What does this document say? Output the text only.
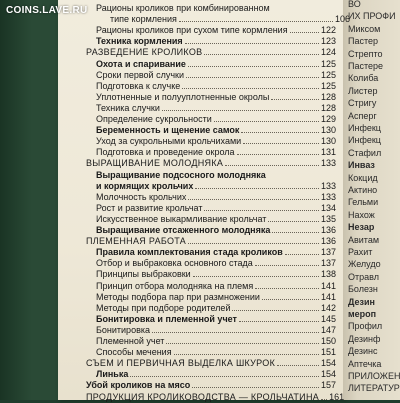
COINS.LAVE.RU Рационы кроликов при комбинированном
типе кормления	106
Рационы кроликов при сухом типе кормления	122
Техника кормления	123
РАЗВЕДЕНИЕ КРОЛИКОВ	124
Охота и спаривание	125
Сроки первой случки	125
Подготовка к случке	125
Уплотненные и полууплотненные окролы	128
Техника случки	128
Определение сукрольности	129
Беременность и щенение самок	130
Уход за сукрольными крольчихами	130
Подготовка и проведение окрола	131
ВЫРАЩИВАНИЕ МОЛОДНЯКА	133
Выращивание подсосного молодняка
и кормящих крольчих	133
Молочность крольчих	133
Рост и развитие крольчат	134
Искусственное выкармливание крольчат	135
Выращивание отсаженного молодняка	136
ПЛЕМЕННАЯ РАБОТА	136
Правила комплектования стада кроликов	137
Отбор и выбраковка основного стада	137
Принципы выбраковки	138
Принцип отбора молодняка на племя	141
Методы подбора пар при размножении	141
Методы при подборе родителей	142
Бонитировка и племенной учет	145
Бонитировка	147
Племенной учет	150
Способы мечения	151
СЪЕМ И ПЕРВИЧНАЯ ВЫДЕЛКА ШКУРОК	154
Линька	154
Убой кроликов на мясо	157
ПРОДУКЦИЯ КРОЛИКОВОДСТВА — КРОЛЬЧАТИНА 161
ВО
ИХ ПРОФИ
Миксом
Пастер
Стрепто
Пастере
Колиба
Листер
Стригу
Асперг
Инфекц
Инфекц
Стафил
Инваз
Кокцид
Актино
Гельми
Нахож
Незар
Авитам
Рахит
Желудо
Отравл
Болезн
Дезин
мероп
Профил
Дезинф
Дезинс
Аптечка
ПРИЛОЖЕН
ЛИТЕРАТУР
